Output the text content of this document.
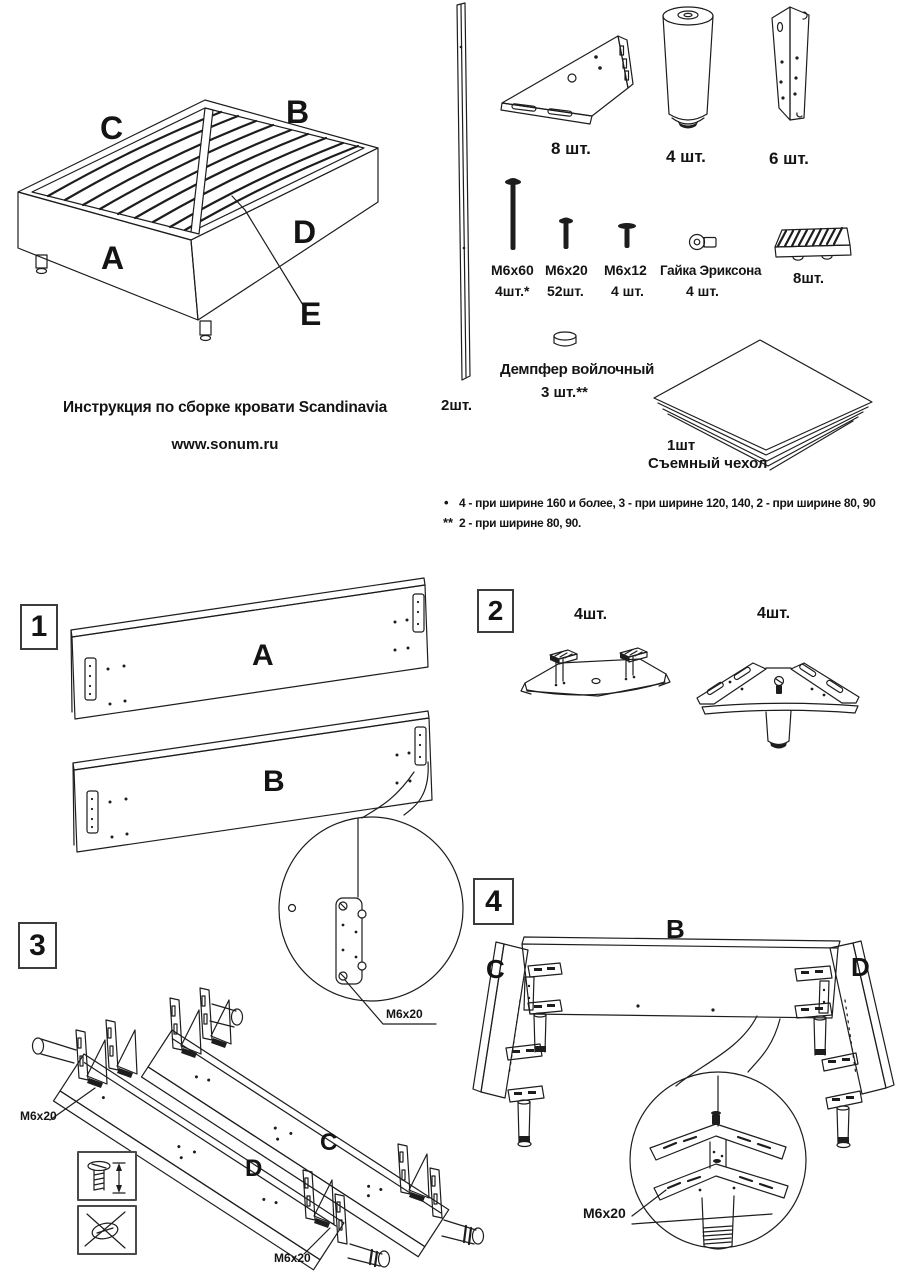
C	B
A
D
E
Инструкция по сборке кровати Scandinavia
www.sonum.ru
2шт.
8 шт.	4 шт.	6 шт.
М6х60
4шт.*
М6х20
52шт.
М6х12
4 шт.
Гайка Эриксона
4 шт.
8шт.
Демпфер войлочный
3 шт.**
1шт
Съемный чехол
• 4 - при ширине 160 и более, 3 - при ширине 120, 140, 2 - при ширине 80, 90
** 2 - при ширине 80, 90.
1	2
3
4
A
B
M6x20
4шт.	4шт.
C
D
M6x20
M6x20
B
C	D
M6x20
